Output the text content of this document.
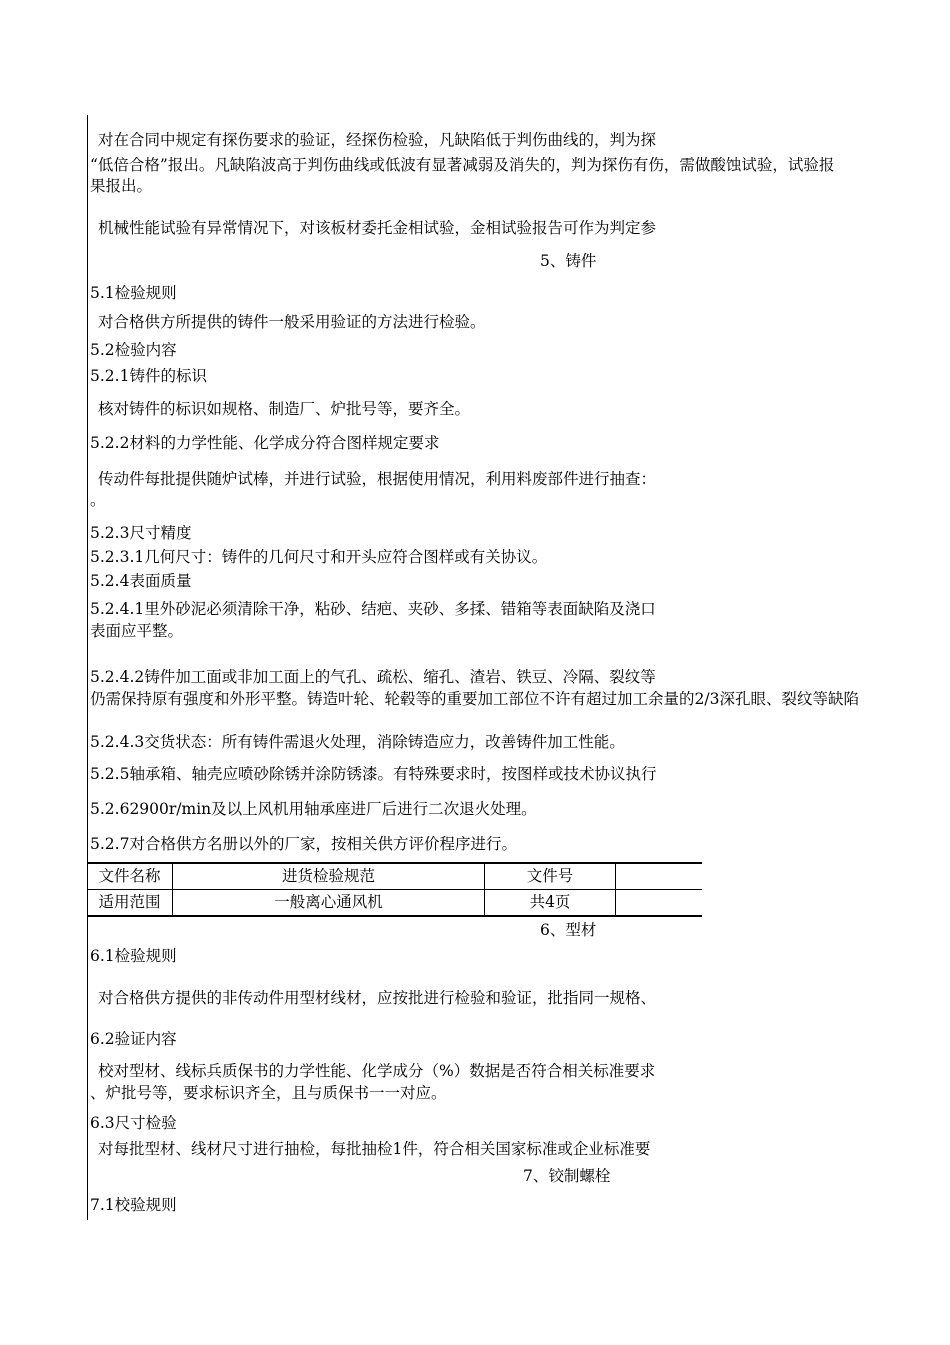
对在合同中规定有探伤要求的验证，经探伤检验，凡缺陷低于判伤曲线的，判为探
“低倍合格”报出。凡缺陷波高于判伤曲线或低波有显著减弱及消失的，判为探伤有伤，需做酸蚀试验，试验报
果报出。
机械性能试验有异常情况下，对该板材委托金相试验，金相试验报告可作为判定参
5、铸件
5.1检验规则
对合格供方所提供的铸件一般采用验证的方法进行检验。
5.2检验内容
5.2.1铸件的标识
核对铸件的标识如规格、制造厂、炉批号等，要齐全。
5.2.2材料的力学性能、化学成分符合图样规定要求
传动件每批提供随炉试棒，并进行试验，根据使用情况，利用料废部件进行抽查：
。
5.2.3尺寸精度
5.2.3.1几何尺寸：铸件的几何尺寸和开头应符合图样或有关协议。
5.2.4表面质量
5.2.4.1里外砂泥必须清除干净，粘砂、结疤、夹砂、多揉、错箱等表面缺陷及浇口
表面应平整。
5.2.4.2铸件加工面或非加工面上的气孔、疏松、缩孔、渣岩、铁豆、冷隔、裂纹等
仍需保持原有强度和外形平整。铸造叶轮、轮毂等的重要加工部位不许有超过加工余量的2/3深孔眼、裂纹等缺陷
5.2.4.3交货状态：所有铸件需退火处理，消除铸造应力，改善铸件加工性能。
5.2.5轴承箱、轴壳应喷砂除锈并涂防锈漆。有特殊要求时，按图样或技术协议执行
5.2.62900r/min及以上风机用轴承座进厂后进行二次退火处理。
5.2.7对合格供方名册以外的厂家，按相关供方评价程序进行。
文件名称	进货检验规范	文件号	
适用范围	一般离心通风机	共4页	
6、型材
6.1检验规则
对合格供方提供的非传动件用型材线材，应按批进行检验和验证，批指同一规格、
6.2验证内容
校对型材、线标兵质保书的力学性能、化学成分（%）数据是否符合相关标准要求
、炉批号等，要求标识齐全，且与质保书一一对应。
6.3尺寸检验
对每批型材、线材尺寸进行抽检，每批抽检1件，符合相关国家标准或企业标准要
7、铰制螺栓
7.1校验规则
